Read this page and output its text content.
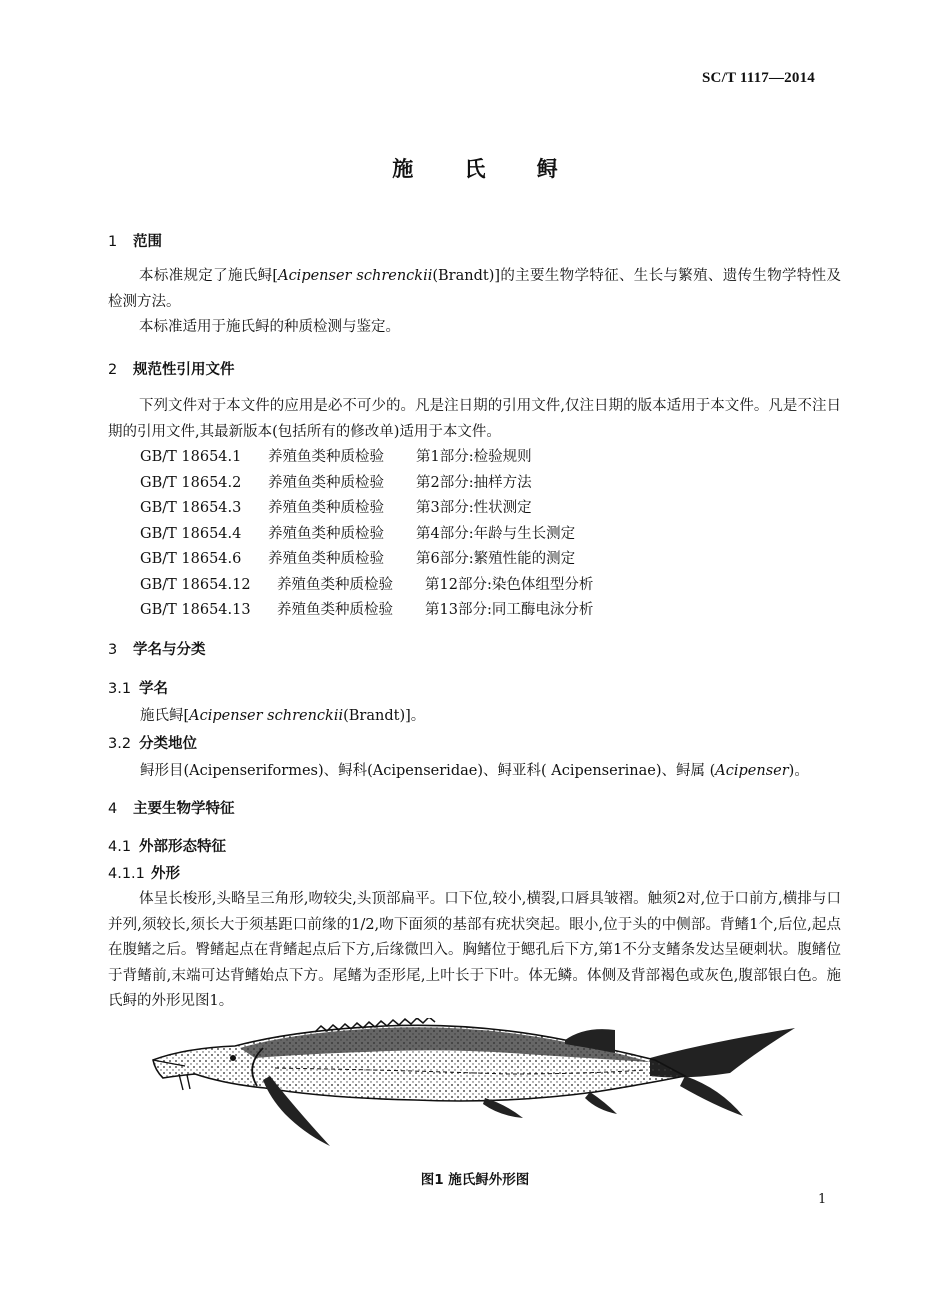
SC/T 1117—2014
施 氏 鲟
1 范围

本标准规定了施氏鲟[Acipenser schrenckii(Brandt)]的主要生物学特征、生长与繁殖、遗传生物学特性及检测方法。

本标准适用于施氏鲟的种质检测与鉴定。

2 规范性引用文件

下列文件对于本文件的应用是必不可少的。凡是注日期的引用文件,仅注日期的版本适用于本文件。凡是不注日期的引用文件,其最新版本(包括所有的修改单)适用于本文件。

GB/T 18654.1 养殖鱼类种质检验 第1部分:检验规则
GB/T 18654.2 养殖鱼类种质检验 第2部分:抽样方法
GB/T 18654.3 养殖鱼类种质检验 第3部分:性状测定
GB/T 18654.4 养殖鱼类种质检验 第4部分:年龄与生长测定
GB/T 18654.6 养殖鱼类种质检验 第6部分:繁殖性能的测定
GB/T 18654.12 养殖鱼类种质检验 第12部分:染色体组型分析
GB/T 18654.13 养殖鱼类种质检验 第13部分:同工酶电泳分析
3 学名与分类
3.1 学名
施氏鲟[Acipenser schrenckii(Brandt)]。
3.2 分类地位
鲟形目(Acipenseriformes)、鲟科(Acipenseridae)、鲟亚科( Acipenserinae)、鲟属 (Acipenser)。
4 主要生物学特征
4.1 外部形态特征
4.1.1 外形

体呈长梭形,头略呈三角形,吻较尖,头顶部扁平。口下位,较小,横裂,口唇具皱褶。触须2对,位于口前方,横排与口并列,须较长,须长大于须基距口前缘的1/2,吻下面须的基部有疣状突起。眼小,位于头的中侧部。背鳍1个,后位,起点在腹鳍之后。臀鳍起点在背鳍起点后下方,后缘微凹入。胸鳍位于鳃孔后下方,第1不分支鳍条发达呈硬刺状。腹鳍位于背鳍前,末端可达背鳍始点下方。尾鳍为歪形尾,上叶长于下叶。体无鳞。体侧及背部褐色或灰色,腹部银白色。施氏鲟的外形见图1。

图1 施氏鲟外形图
1
